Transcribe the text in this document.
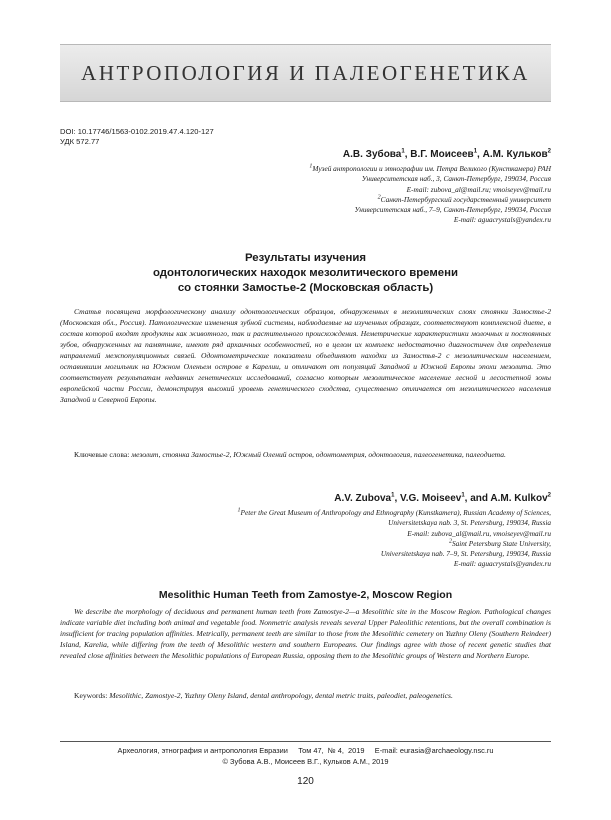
АНТРОПОЛОГИЯ И ПАЛЕОГЕНЕТИКА
DOI: 10.17746/1563-0102.2019.47.4.120-127
УДК 572.77
А.В. Зубова$^1$, В.Г. Моисеев$^1$, А.М. Кульков$^2$
$^1$Музей антропологии и этнографии им. Петра Великого (Кунсткамера) РАН
Университетская наб., 3, Санкт-Петербург, 199034, Россия
E-mail: zubova_al@mail.ru; vmoiseyev@mail.ru
$^2$Санкт-Петербургский государственный университет
Университетская наб., 7–9, Санкт-Петербург, 199034, Россия
E-mail: aguacrystals@yandex.ru
Результаты изучения
одонтологических находок мезолитического времени
со стоянки Замостье-2 (Московская область)
Статья посвящена морфологическому анализу одонтологических образцов, обнаруженных в мезолитических слоях стоянки Замостье-2 (Московская обл., Россия). Патологические изменения зубной системы, наблюдаемые на изученных образцах, соответствуют комплексной диете, в состав которой входят продукты как животного, так и растительного происхождения. Неметрические характеристики молочных и постоянных зубов, обнаруженных на памятнике, имеют ряд архаичных особенностей, но в целом их комплекс недостаточно диагностичен для определения направлений межпопуляционных связей. Одонтометрические показатели объединяют находки из Замостья-2 с мезолитическим населением, оставившим могильник на Южном Оленьем острове в Карелии, и отличают от популяций Западной и Южной Европы эпохи мезолита. Это соответствует результатам недавних генетических исследований, согласно которым мезолитическое население лесной и лесостепной зоны европейской части России, демонстрируя высокий уровень генетического сходства, существенно отличается от мезолитического населения Западной и Северной Европы.
Ключевые слова: мезолит, стоянка Замостье-2, Южный Олений остров, одонтометрия, одонтология, палеогенетика, палеодиета.
A.V. Zubova$^1$, V.G. Moiseev$^1$, and A.M. Kulkov$^2$
$^1$Peter the Great Museum of Anthropology and Ethnography (Kunstkamera), Russian Academy of Sciences,
Universitetskaya nab. 3, St. Petersburg, 199034, Russia
E-mail: zubova_al@mail.ru, vmoiseyev@mail.ru
$^2$Saint Petersburg State University,
Universitetskaya nab. 7–9, St. Petersburg, 199034, Russia
E-mail: aguacrystals@yandex.ru
Mesolithic Human Teeth from Zamostye-2, Moscow Region
We describe the morphology of deciduous and permanent human teeth from Zamostye-2—a Mesolithic site in the Moscow Region. Pathological changes indicate variable diet including both animal and vegetable food. Nonmetric analysis reveals several Upper Paleolithic retentions, but the overall combination is insufficient for tracing population affinities. Metrically, permanent teeth are similar to those from the Mesolithic cemetery on Yuzhny Oleny (Southern Reindeer) Island, Karelia, while differing from the teeth of Mesolithic western and southern Europeans. Our findings agree with those of recent genetic studies that revealed close affinities between the Mesolithic populations of European Russia, opposing them to the Mesolithic groups of Western and Northern Europe.
Keywords: Mesolithic, Zamostye-2, Yuzhny Oleny Island, dental anthropology, dental metric traits, paleodiet, paleogenetics.
Археология, этнография и антропология Евразии Том 47, № 4, 2019 E-mail: eurasia@archaeology.nsc.ru
© Зубова А.В., Моисеев В.Г., Кульков А.М., 2019
120
